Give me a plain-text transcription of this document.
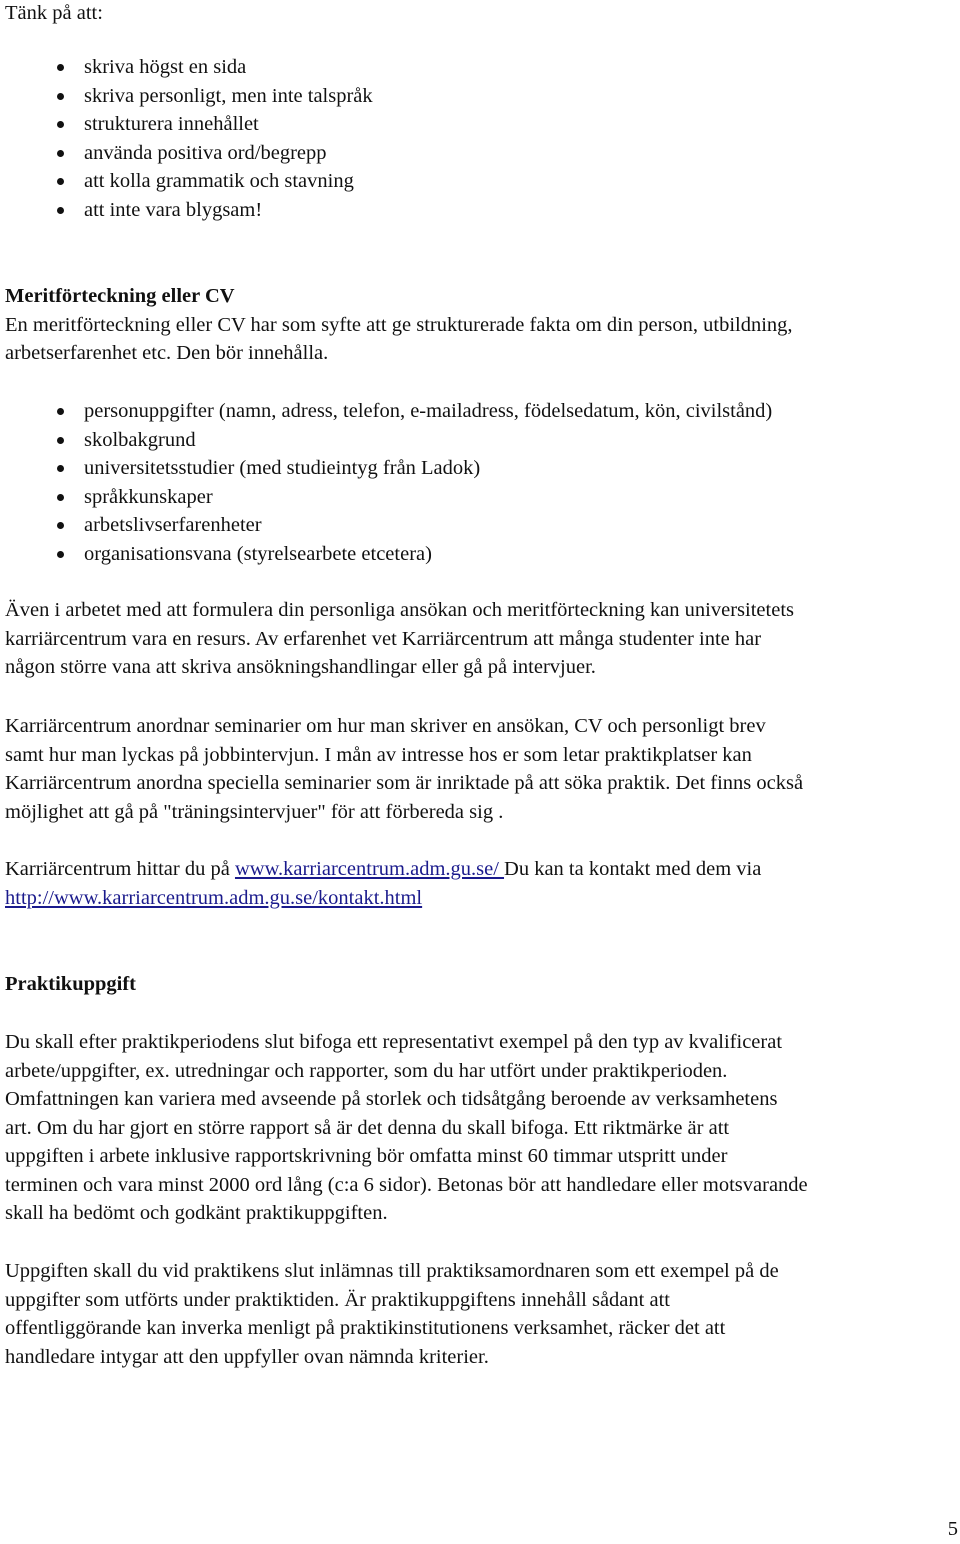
Tänk på att:

skriva högst en sida
skriva personligt, men inte talspråk
strukturera innehållet
använda positiva ord/begrepp
att kolla grammatik och stavning
att inte vara blygsam!

Meritförteckning eller CV

En meritförteckning eller CV har som syfte att ge strukturerade fakta om din person, utbildning,

arbetserfarenhet etc. Den bör innehålla.

personuppgifter (namn, adress, telefon, e-mailadress, födelsedatum, kön, civilstånd)
skolbakgrund
universitetsstudier (med studieintyg från Ladok)
språkkunskaper
arbetslivserfarenheter
organisationsvana (styrelsearbete etcetera)

Även i arbetet med att formulera din personliga ansökan och meritförteckning kan universitetets

karriärcentrum vara en resurs. Av erfarenhet vet Karriärcentrum att många studenter inte har

någon större vana att skriva ansökningshandlingar eller gå på intervjuer.

Karriärcentrum anordnar seminarier om hur man skriver en ansökan, CV och personligt brev

samt hur man lyckas på jobbintervjun. I mån av intresse hos er som letar praktikplatser kan

Karriärcentrum anordna speciella seminarier som är inriktade på att söka praktik. Det finns också

möjlighet att gå på "träningsintervjuer" för att förbereda sig .

Karriärcentrum hittar du på www.karriarcentrum.adm.gu.se/ Du kan ta kontakt med dem via

http://www.karriarcentrum.adm.gu.se/kontakt.html

Praktikuppgift

Du skall efter praktikperiodens slut bifoga ett representativt exempel på den typ av kvalificerat

arbete/uppgifter, ex. utredningar och rapporter, som du har utfört under praktikperioden.

Omfattningen kan variera med avseende på storlek och tidsåtgång beroende av verksamhetens

art. Om du har gjort en större rapport så är det denna du skall bifoga. Ett riktmärke är att

uppgiften i arbete inklusive rapportskrivning bör omfatta minst 60 timmar utspritt under

terminen och vara minst 2000 ord lång (c:a 6 sidor). Betonas bör att handledare eller motsvarande

skall ha bedömt och godkänt praktikuppgiften.

Uppgiften skall du vid praktikens slut inlämnas till praktiksamordnaren som ett exempel på de

uppgifter som utförts under praktiktiden. Är praktikuppgiftens innehåll sådant att

offentliggörande kan inverka menligt på praktikinstitutionens verksamhet, räcker det att

handledare intygar att den uppfyller ovan nämnda kriterier.

5
